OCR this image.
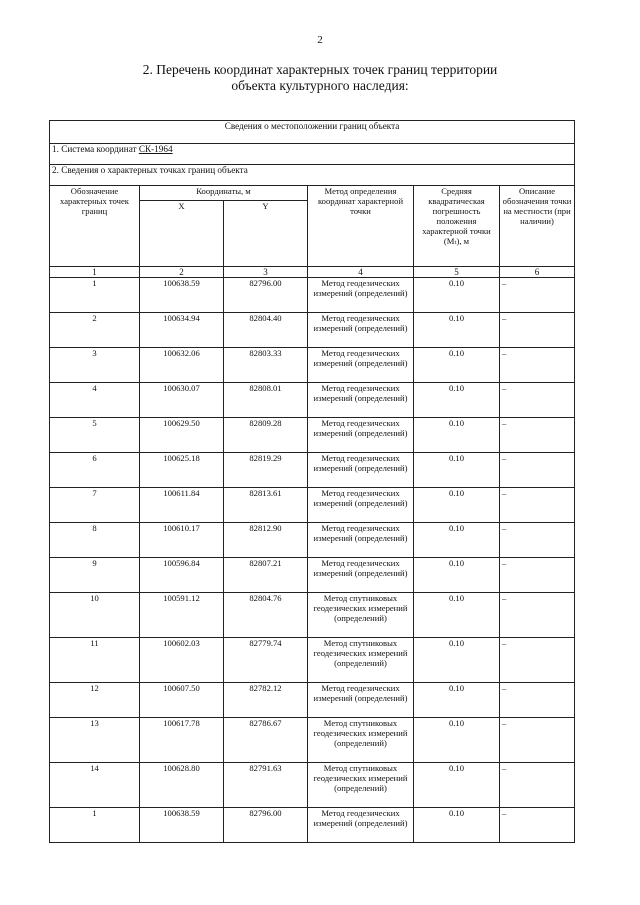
2
2. Перечень координат характерных точек границ территории
объекта культурного наследия:
Сведения о местоположении границ объекта					
1. Система координат СК-1964					
2. Сведения о характерных точках границ объекта					
Обозначение характерных точек границ	Координаты, м		Метод определения координат характерной точки	Средняя квадратическая погрешность положения характерной точки (Mₜ), м	Описание обозначения точки на местности (при наличии)
	X	Y			
1	2	3	4	5	6
1	100638.59	82796.00	Метод геодезических измерений (определений)	0.10	–
2	100634.94	82804.40	Метод геодезических измерений (определений)	0.10	–
3	100632.06	82803.33	Метод геодезических измерений (определений)	0.10	–
4	100630.07	82808.01	Метод геодезических измерений (определений)	0.10	–
5	100629.50	82809.28	Метод геодезических измерений (определений)	0.10	–
6	100625.18	82819.29	Метод геодезических измерений (определений)	0.10	–
7	100611.84	82813.61	Метод геодезических измерений (определений)	0.10	–
8	100610.17	82812.90	Метод геодезических измерений (определений)	0.10	–
9	100596.84	82807.21	Метод геодезических измерений (определений)	0.10	–
10	100591.12	82804.76	Метод спутниковых геодезических измерений (определений)	0.10	–
11	100602.03	82779.74	Метод спутниковых геодезических измерений (определений)	0.10	–
12	100607.50	82782.12	Метод геодезических измерений (определений)	0.10	–
13	100617.78	82786.67	Метод спутниковых геодезических измерений (определений)	0.10	–
14	100628.80	82791.63	Метод спутниковых геодезических измерений (определений)	0.10	–
1	100638.59	82796.00	Метод геодезических измерений (определений)	0.10	–
